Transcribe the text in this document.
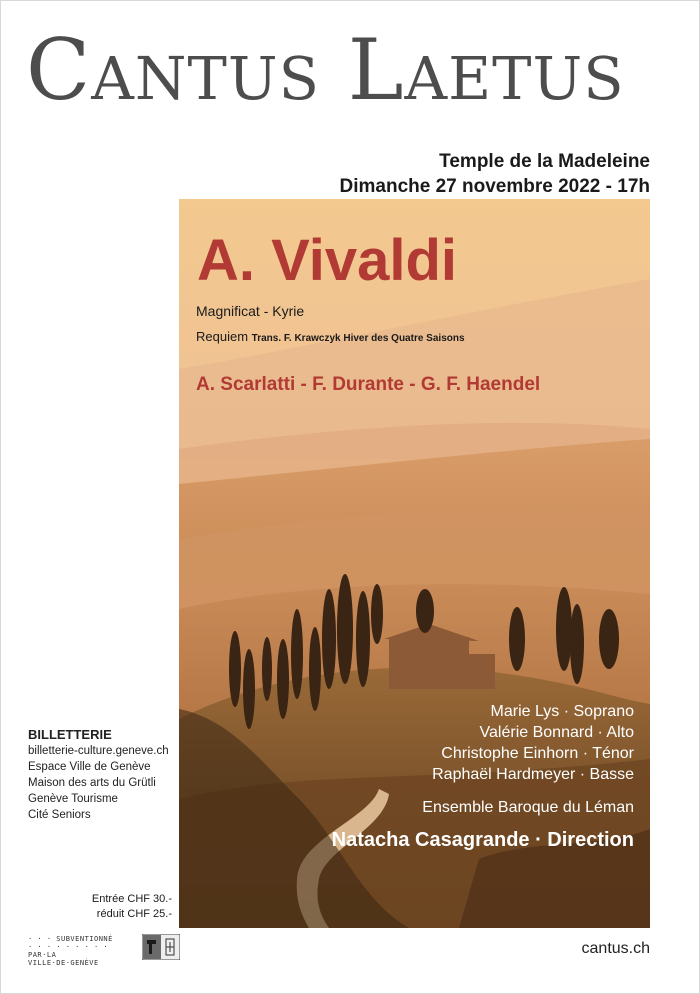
Cantus Laetus
Temple de la Madeleine
Dimanche 27 novembre 2022 - 17h
A. Vivaldi
Magnificat - Kyrie
Requiem Trans. F. Krawczyk Hiver des Quatre Saisons
A. Scarlatti - F. Durante - G. F. Haendel
Marie Lys · Soprano
Valérie Bonnard · Alto
Christophe Einhorn · Ténor
Raphaël Hardmeyer · Basse
Ensemble Baroque du Léman
Natacha Casagrande · Direction
BILLETTERIE
billetterie-culture.geneve.ch
Espace Ville de Genève
Maison des arts du Grütli
Genève Tourisme
Cité Seniors
Entrée CHF 30.-
réduit CHF 25.-
· · · SUBVENTIONNÉ
· · · · · · · · · PAR·LA
VILLE·DE·GENÈVE
cantus.ch
